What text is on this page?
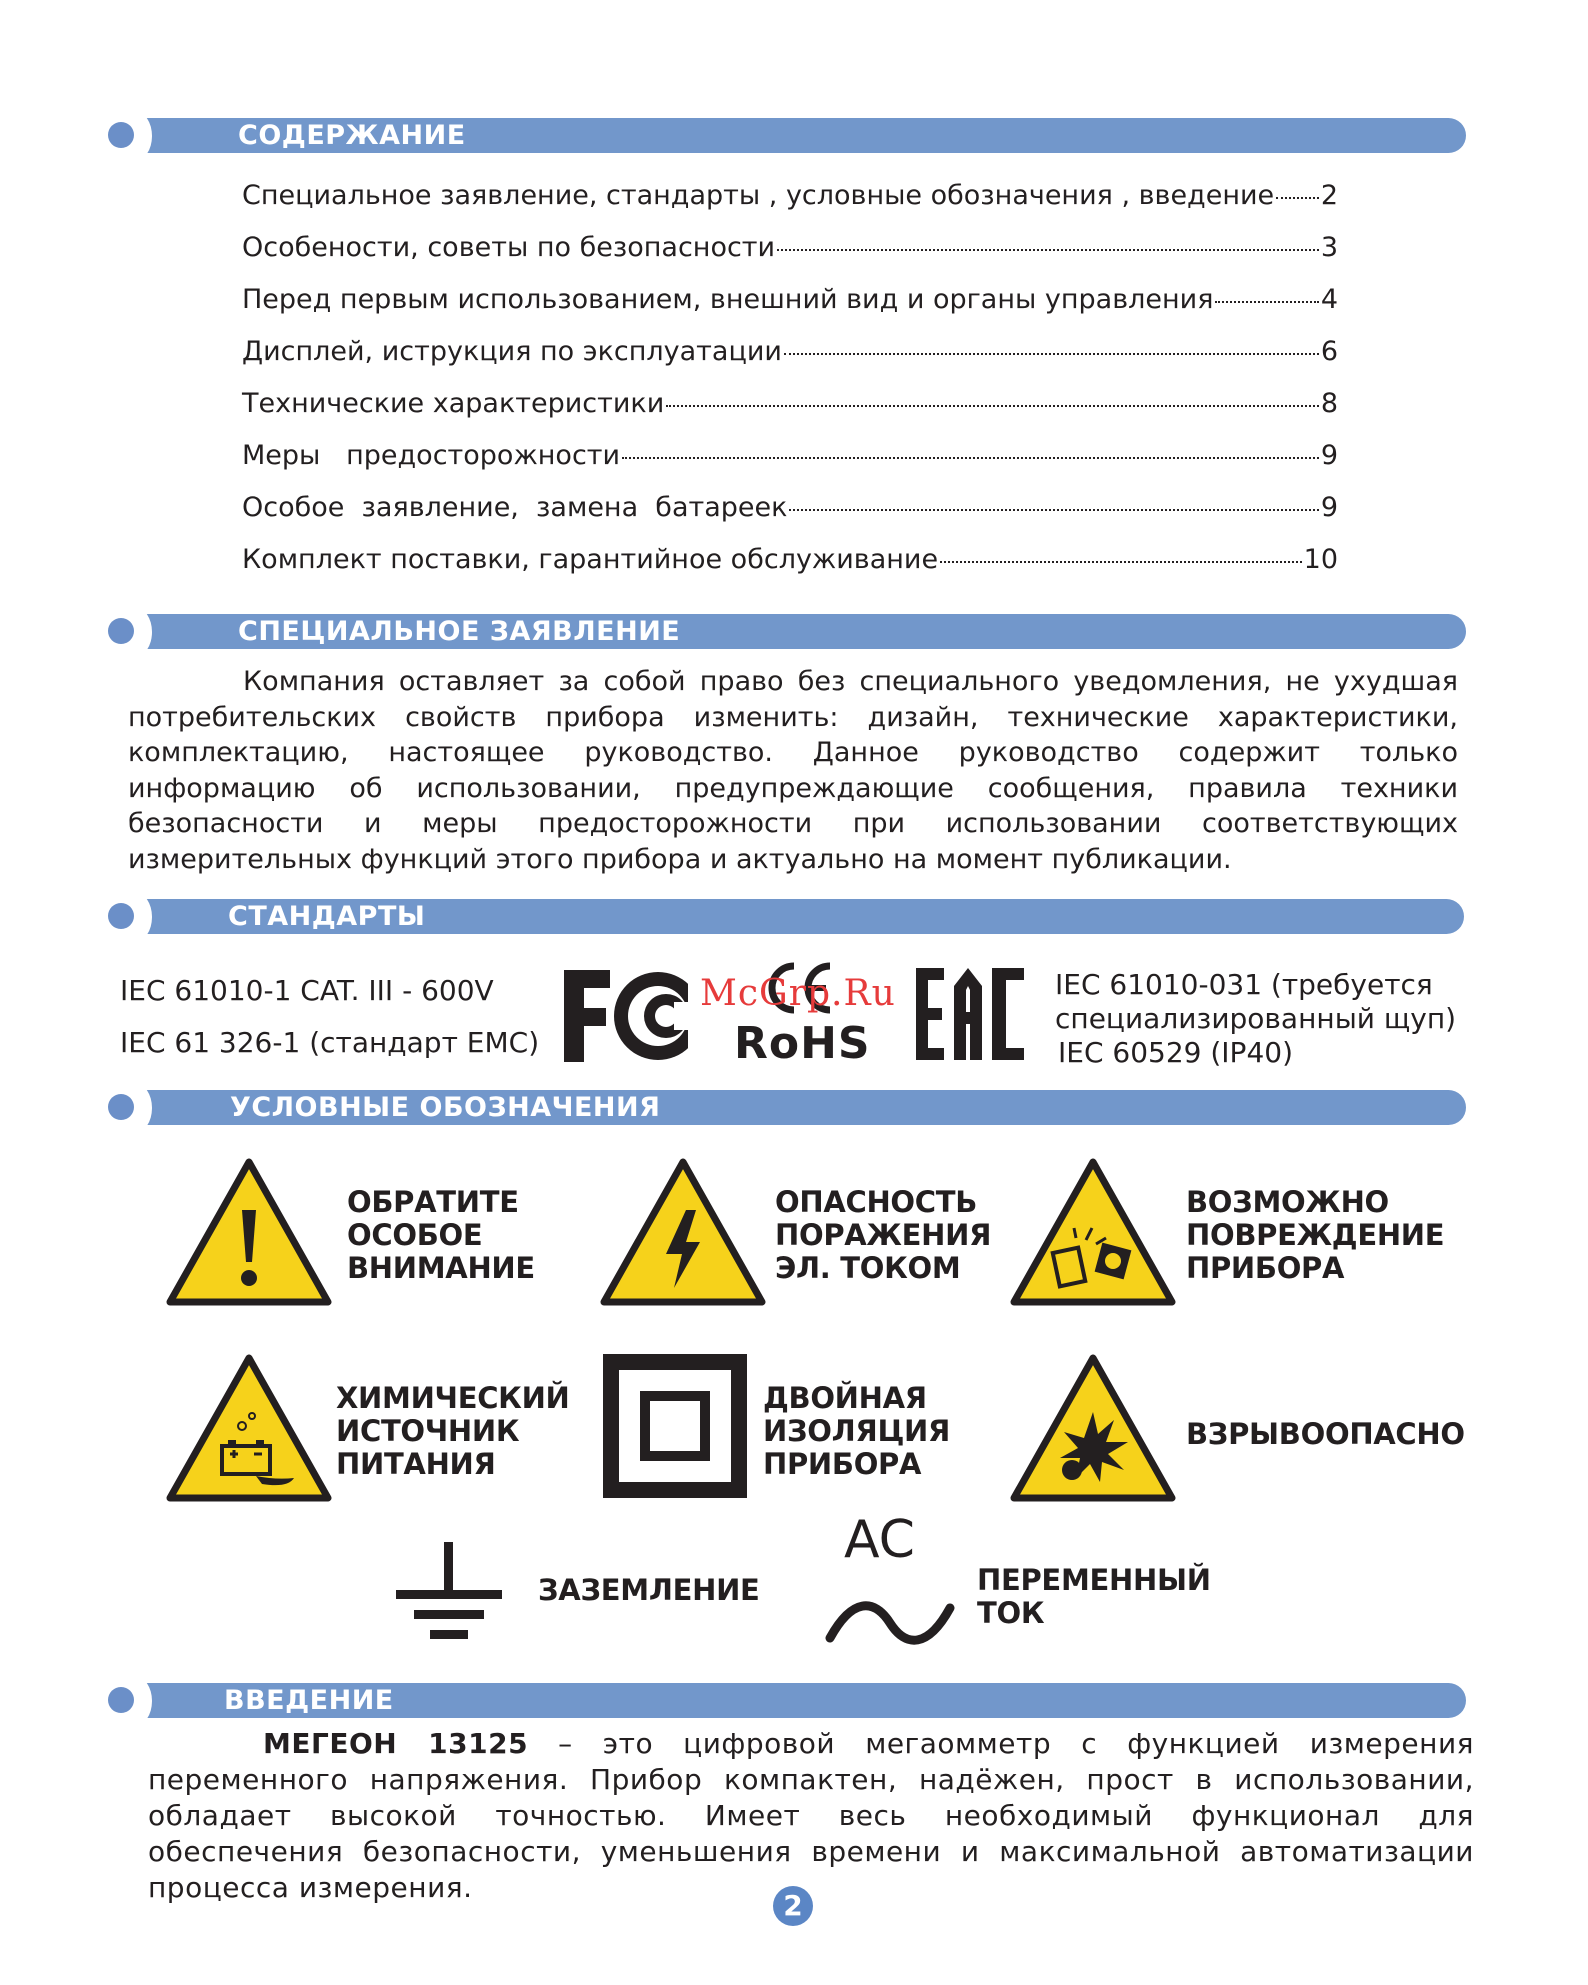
СОДЕРЖАНИЕ
Специальное заявление, стандарты , условные обозначения , введение 2
Особености, советы по безопасности	3
Перед первым использованием, внешний вид и органы управления	4
Дисплей, иструкция по эксплуатации	6
Технические характеристики	8
Меры   предосторожности	9
Особое  заявление,  замена  батареек	9
Комплект поставки, гарантийное обслуживание	10
СПЕЦИАЛЬНОЕ ЗАЯВЛЕНИЕ

Компания оставляет за собой право без специального уведомления, не ухудшая потребительских свойств прибора изменить: дизайн, технические характеристики, комплектацию, настоящее руководство. Данное руководство содержит только информацию об использовании, предупреждающие сообщения, правила техники безопасности и меры предосторожности при использовании соответствующих измерительных функций этого прибора и актуально на момент публикации.

СТАНДАРТЫ
IEC 61010-1 CAT. III - 600V
IEC 61 326-1 (стандарт EMC)	RoHS
McGrp.Ru	IEC 61010-031 (требуется
специализированный щуп)
IEC 60529 (IP40)
УСЛОВНЫЕ ОБОЗНАЧЕНИЯ
ОБРАТИТЕ
ОСОБОЕ
ВНИМАНИЕ
ОПАСНОСТЬ
ПОРАЖЕНИЯ
ЭЛ. ТОКОМ
ВОЗМОЖНО
ПОВРЕЖДЕНИЕ
ПРИБОРА
ХИМИЧЕСКИЙ
ИСТОЧНИК
ПИТАНИЯ
ДВОЙНАЯ
ИЗОЛЯЦИЯ
ПРИБОРА
ВЗРЫВООПАСНО
ЗАЗЕМЛЕНИЕ
AC
ПЕРЕМЕННЫЙ
ТОК
ВВЕДЕНИЕ

МЕГЕОН 13125 – это цифровой мегаомметр с функцией измерения переменного напряжения. Прибор компактен, надёжен, прост в использовании, обладает высокой точностью. Имеет весь необходимый функционал для обеспечения безопасности, уменьшения времени и максимальной автоматизации процесса измерения.

2
